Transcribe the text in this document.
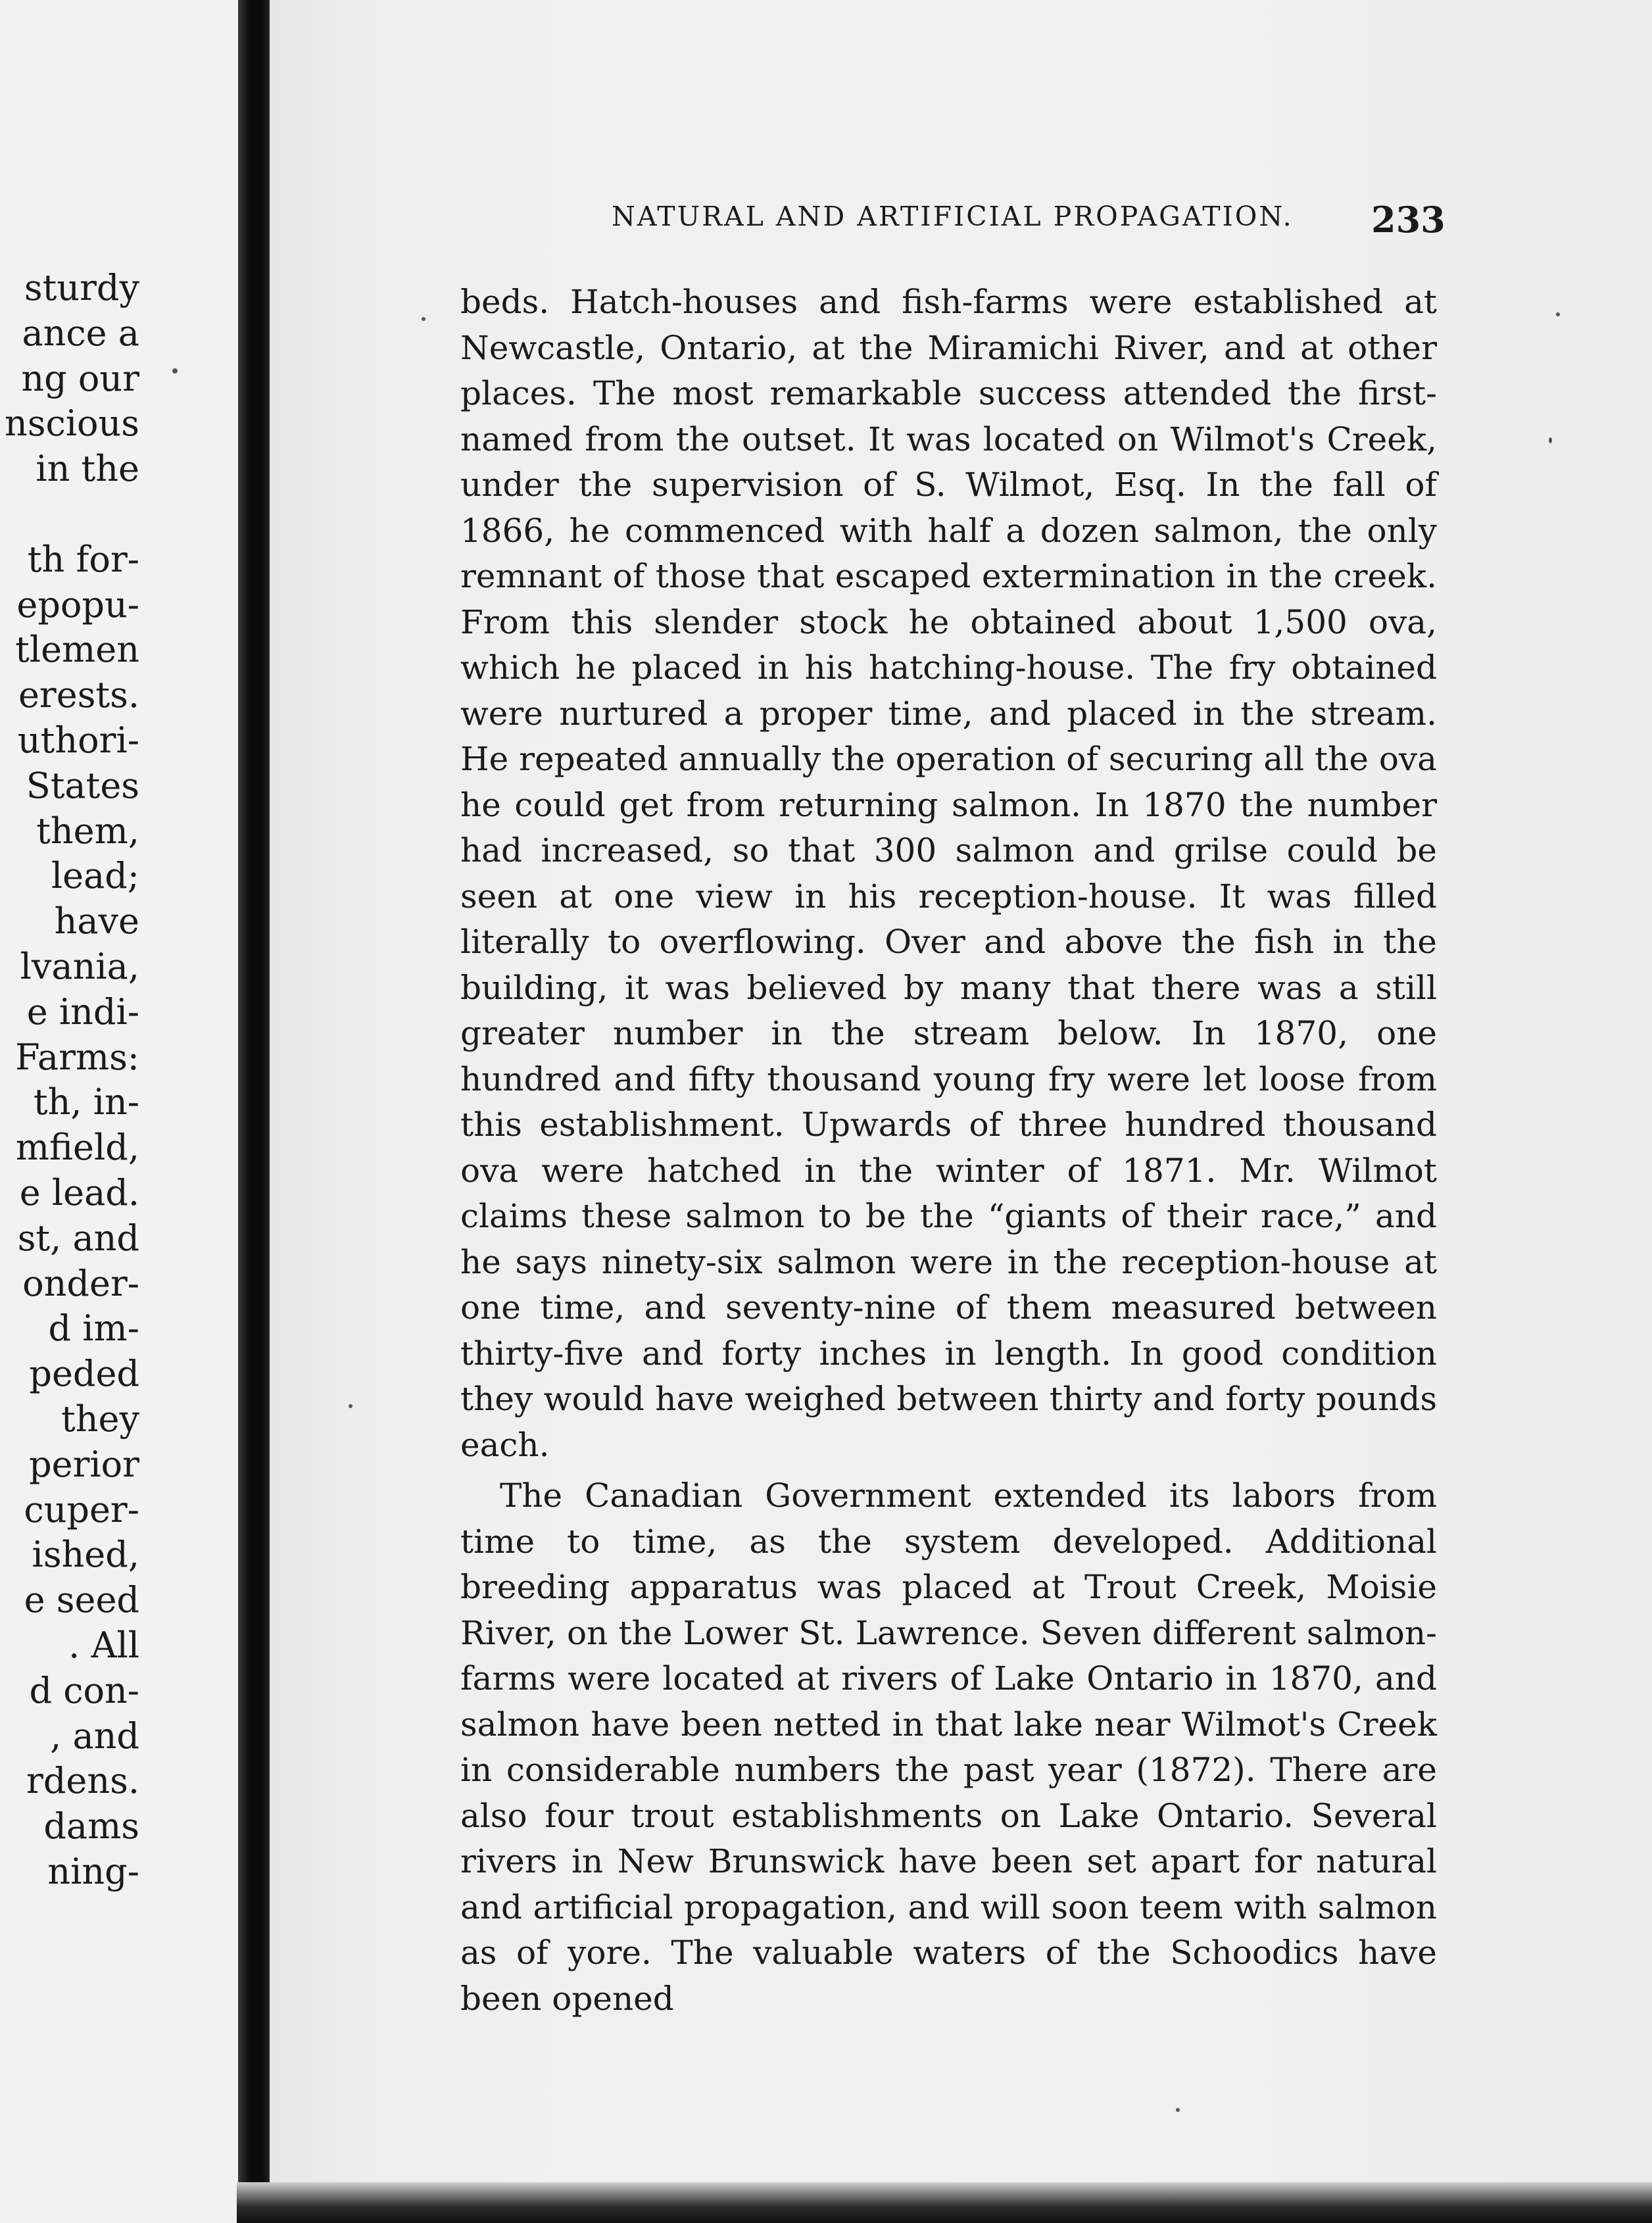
sturdy
ance a
ng our
nscious
in the

th for-
epopu-
tlemen
erests.
uthori-
States
them,
lead;
have
lvania,
e indi-
Farms:
th, in-
mfield,
e lead.
st, and
onder-
d im-
peded
they
perior
cuper-
ished,
e seed
. All
d con-
, and
rdens.
dams
ning-
NATURAL AND ARTIFICIAL PROPAGATION.	233

beds. Hatch-houses and fish-farms were established at Newcastle, Ontario, at the Miramichi River, and at other places. The most remarkable success attended the first-named from the outset. It was located on Wilmot's Creek, under the supervision of S. Wilmot, Esq. In the fall of 1866, he commenced with half a dozen salmon, the only remnant of those that escaped extermination in the creek. From this slender stock he obtained about 1,500 ova, which he placed in his hatching-house. The fry obtained were nurtured a proper time, and placed in the stream. He repeated annually the operation of securing all the ova he could get from returning salmon. In 1870 the number had increased, so that 300 salmon and grilse could be seen at one view in his reception-house. It was filled literally to overflowing. Over and above the fish in the building, it was believed by many that there was a still greater number in the stream below. In 1870, one hundred and fifty thousand young fry were let loose from this establishment. Upwards of three hundred thousand ova were hatched in the winter of 1871. Mr. Wilmot claims these salmon to be the “giants of their race,” and he says ninety-six salmon were in the reception-house at one time, and seventy-nine of them measured between thirty-five and forty inches in length. In good condition they would have weighed between thirty and forty pounds each.

The Canadian Government extended its labors from time to time, as the system developed. Additional breeding apparatus was placed at Trout Creek, Moisie River, on the Lower St. Lawrence. Seven different salmon-farms were located at rivers of Lake Ontario in 1870, and salmon have been netted in that lake near Wilmot's Creek in considerable numbers the past year (1872). There are also four trout establishments on Lake Ontario. Several rivers in New Brunswick have been set apart for natural and artificial propagation, and will soon teem with salmon as of yore. The valuable waters of the Schoodics have been opened
